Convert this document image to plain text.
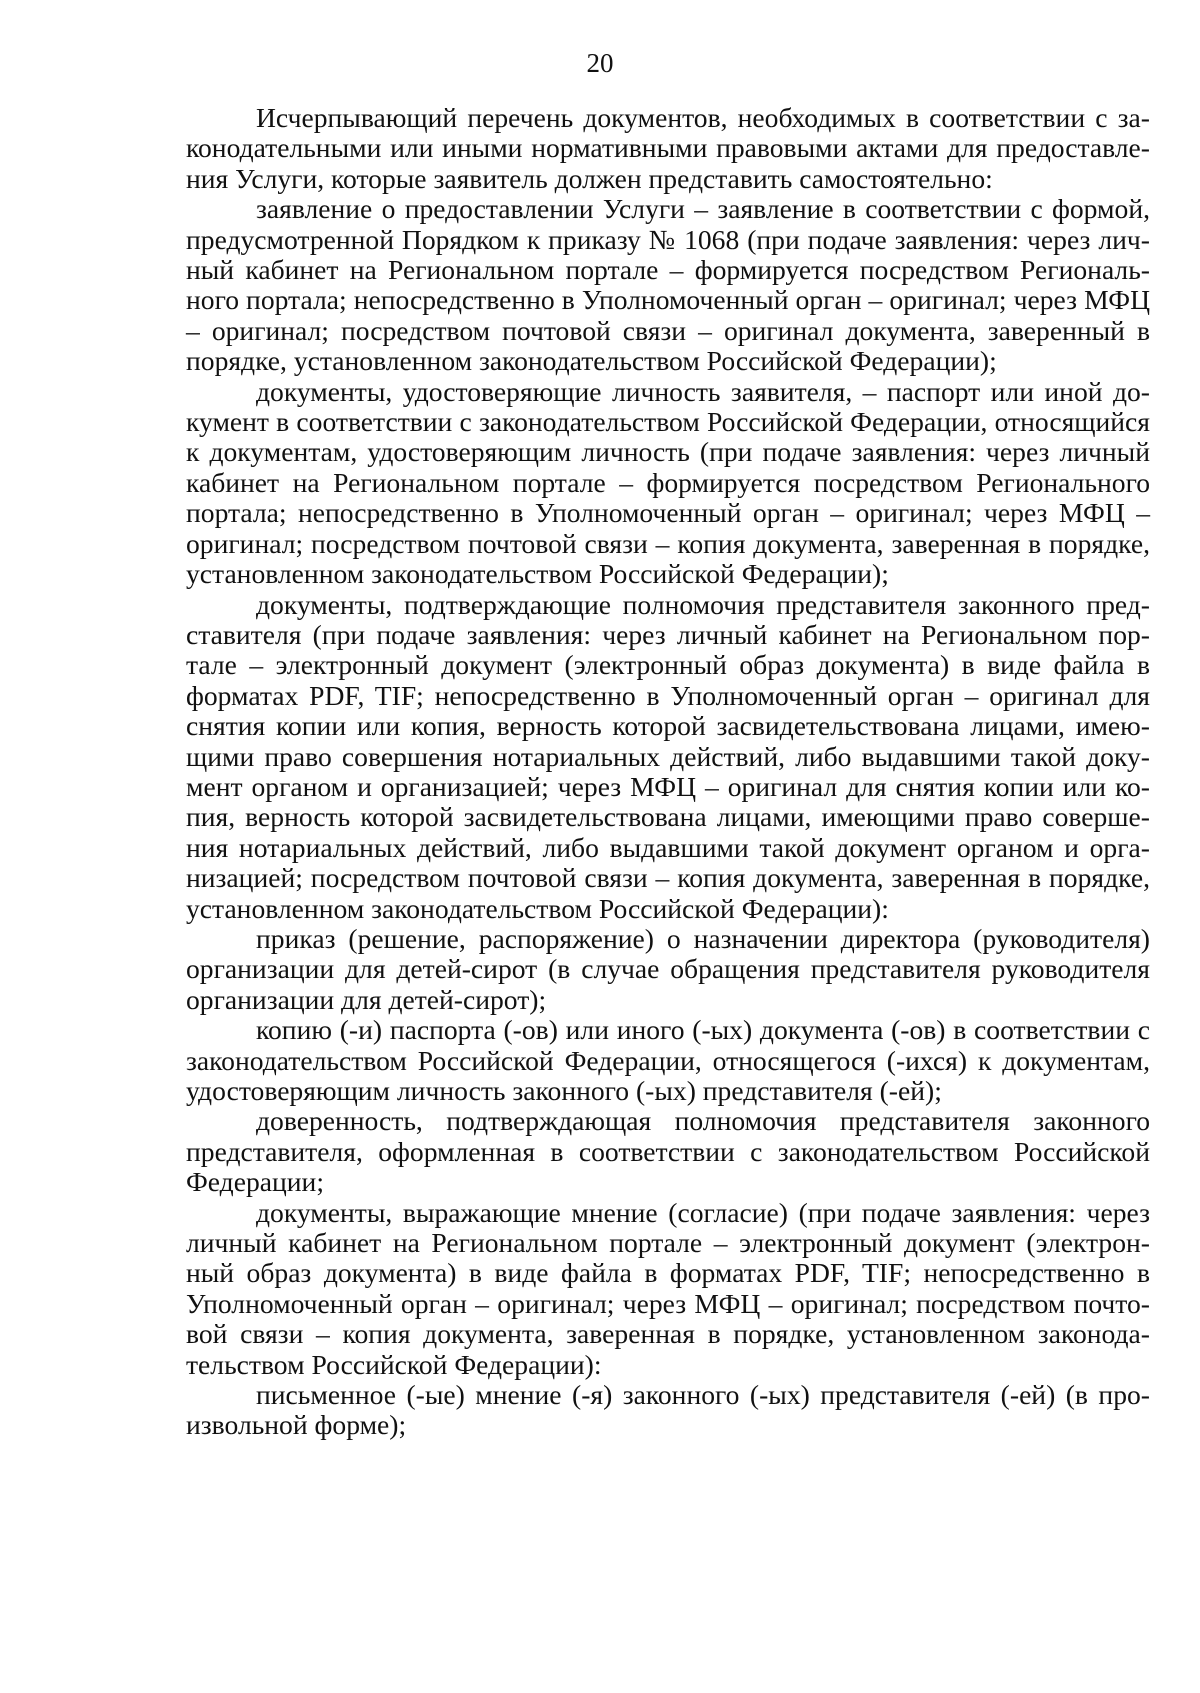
20

Исчерпывающий перечень документов, необходимых в соответствии с законодательными или иными нормативными правовыми актами для предоставления Услуги, которые заявитель должен представить самостоятельно:

заявление о предоставлении Услуги – заявление в соответствии с формой, предусмотренной Порядком к приказу № 1068 (при подаче заявления: через личный кабинет на Региональном портале – формируется посредством Регионального портала; непосредственно в Уполномоченный орган – оригинал; через МФЦ – оригинал; посредством почтовой связи – оригинал документа, заверенный в порядке, установленном законодательством Российской Федерации);

документы, удостоверяющие личность заявителя, – паспорт или иной документ в соответствии с законодательством Российской Федерации, относящийся к документам, удостоверяющим личность (при подаче заявления: через личный кабинет на Региональном портале – формируется посредством Регионального портала; непосредственно в Уполномоченный орган – оригинал; через МФЦ – оригинал; посредством почтовой связи – копия документа, заверенная в порядке, установленном законодательством Российской Федерации);

документы, подтверждающие полномочия представителя законного представителя (при подаче заявления: через личный кабинет на Региональном портале – электронный документ (электронный образ документа) в виде файла в форматах PDF, TIF; непосредственно в Уполномоченный орган – оригинал для снятия копии или копия, верность которой засвидетельствована лицами, имеющими право совершения нотариальных действий, либо выдавшими такой документ органом и организацией; через МФЦ – оригинал для снятия копии или копия, верность которой засвидетельствована лицами, имеющими право совершения нотариальных действий, либо выдавшими такой документ органом и организацией; посредством почтовой связи – копия документа, заверенная в порядке, установленном законодательством Российской Федерации):

приказ (решение, распоряжение) о назначении директора (руководителя) организации для детей-сирот (в случае обращения представителя руководителя организации для детей-сирот);

копию (-и) паспорта (-ов) или иного (-ых) документа (-ов) в соответствии с законодательством Российской Федерации, относящегося (-ихся) к документам, удостоверяющим личность законного (-ых) представителя (-ей);

доверенность, подтверждающая полномочия представителя законного представителя, оформленная в соответствии с законодательством Российской Федерации;

документы, выражающие мнение (согласие) (при подаче заявления: через личный кабинет на Региональном портале – электронный документ (электронный образ документа) в виде файла в форматах PDF, TIF; непосредственно в Уполномоченный орган – оригинал; через МФЦ – оригинал; посредством почтовой связи – копия документа, заверенная в порядке, установленном законодательством Российской Федерации):

письменное (-ые) мнение (-я) законного (-ых) представителя (-ей) (в произвольной форме);
